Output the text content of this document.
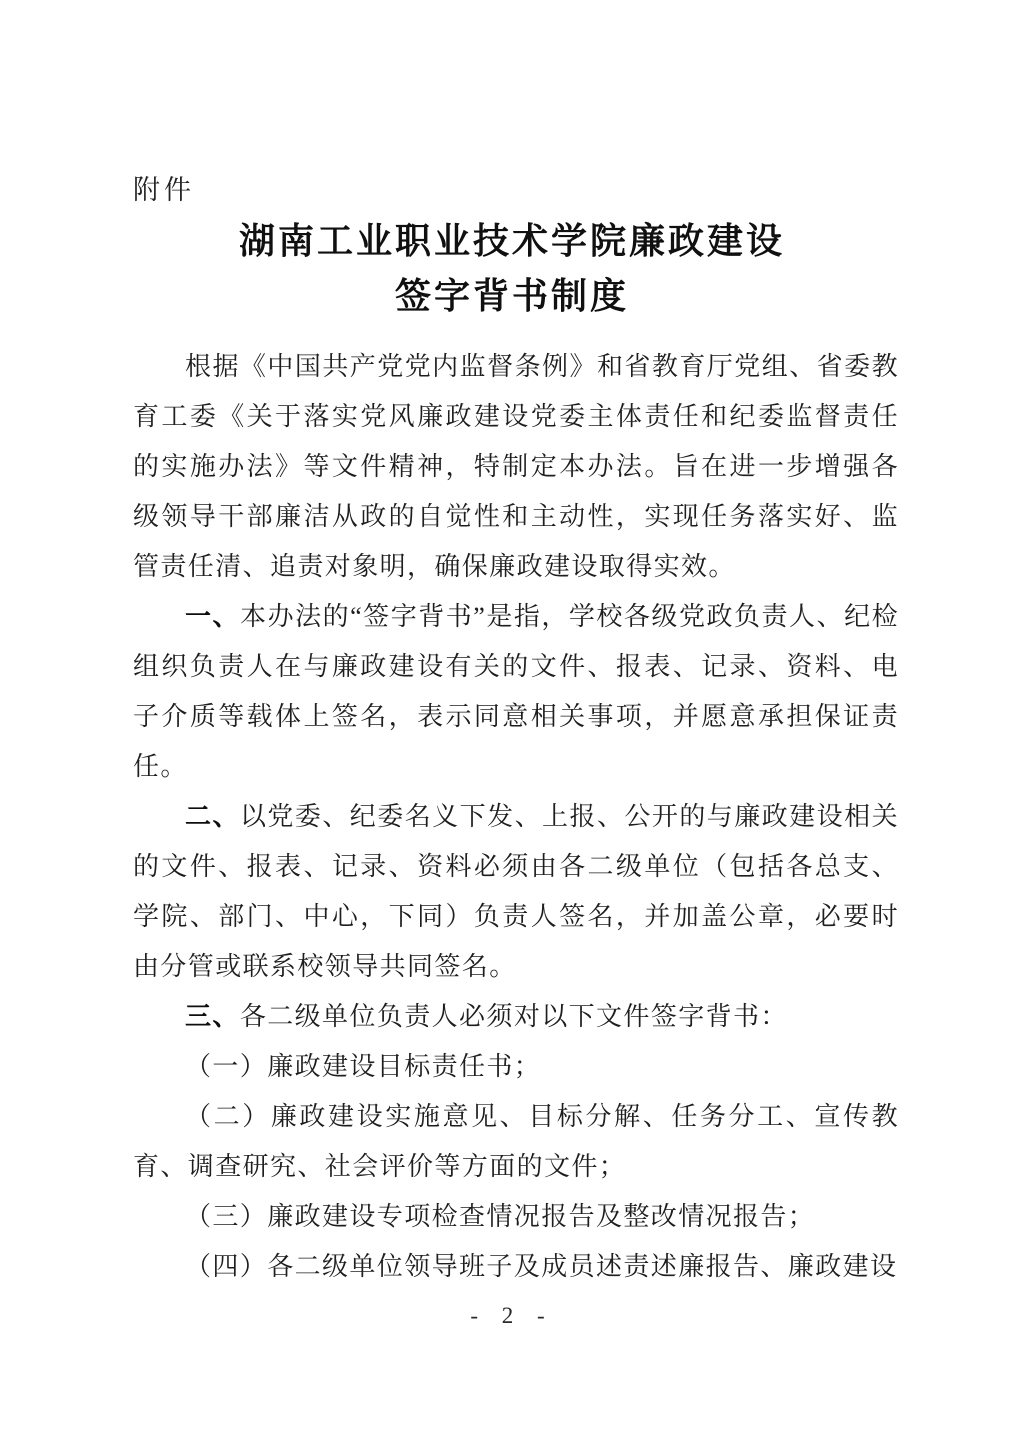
附件
湖南工业职业技术学院廉政建设
签字背书制度

根据《中国共产党党内监督条例》和省教育厅党组、省委教育工委《关于落实党风廉政建设党委主体责任和纪委监督责任的实施办法》等文件精神，特制定本办法。旨在进一步增强各级领导干部廉洁从政的自觉性和主动性，实现任务落实好、监管责任清、追责对象明，确保廉政建设取得实效。

一、本办法的“签字背书”是指，学校各级党政负责人、纪检组织负责人在与廉政建设有关的文件、报表、记录、资料、电子介质等载体上签名，表示同意相关事项，并愿意承担保证责任。

二、以党委、纪委名义下发、上报、公开的与廉政建设相关的文件、报表、记录、资料必须由各二级单位（包括各总支、学院、部门、中心，下同）负责人签名，并加盖公章，必要时由分管或联系校领导共同签名。

三、各二级单位负责人必须对以下文件签字背书：

（一）廉政建设目标责任书；

（二）廉政建设实施意见、目标分解、任务分工、宣传教育、调查研究、社会评价等方面的文件；

（三）廉政建设专项检查情况报告及整改情况报告；

（四）各二级单位领导班子及成员述责述廉报告、廉政建设

- 2 -
